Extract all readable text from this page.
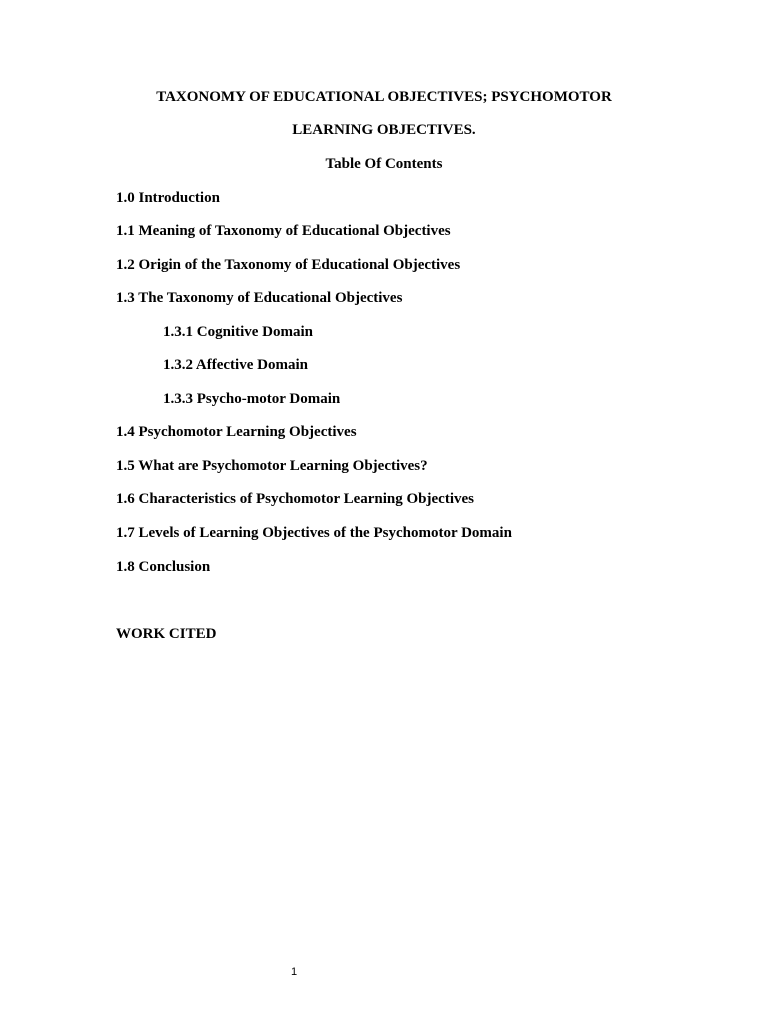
TAXONOMY OF EDUCATIONAL OBJECTIVES; PSYCHOMOTOR
LEARNING OBJECTIVES.
Table Of Contents

1.0 Introduction

1.1 Meaning of Taxonomy of Educational Objectives

1.2 Origin of the Taxonomy of Educational Objectives

1.3 The Taxonomy of Educational Objectives

1.3.1 Cognitive Domain

1.3.2 Affective Domain

1.3.3 Psycho-motor Domain

1.4 Psychomotor Learning Objectives

1.5 What are Psychomotor Learning Objectives?

1.6 Characteristics of Psychomotor Learning Objectives

1.7 Levels of Learning Objectives of the Psychomotor Domain

1.8 Conclusion

WORK CITED

1
